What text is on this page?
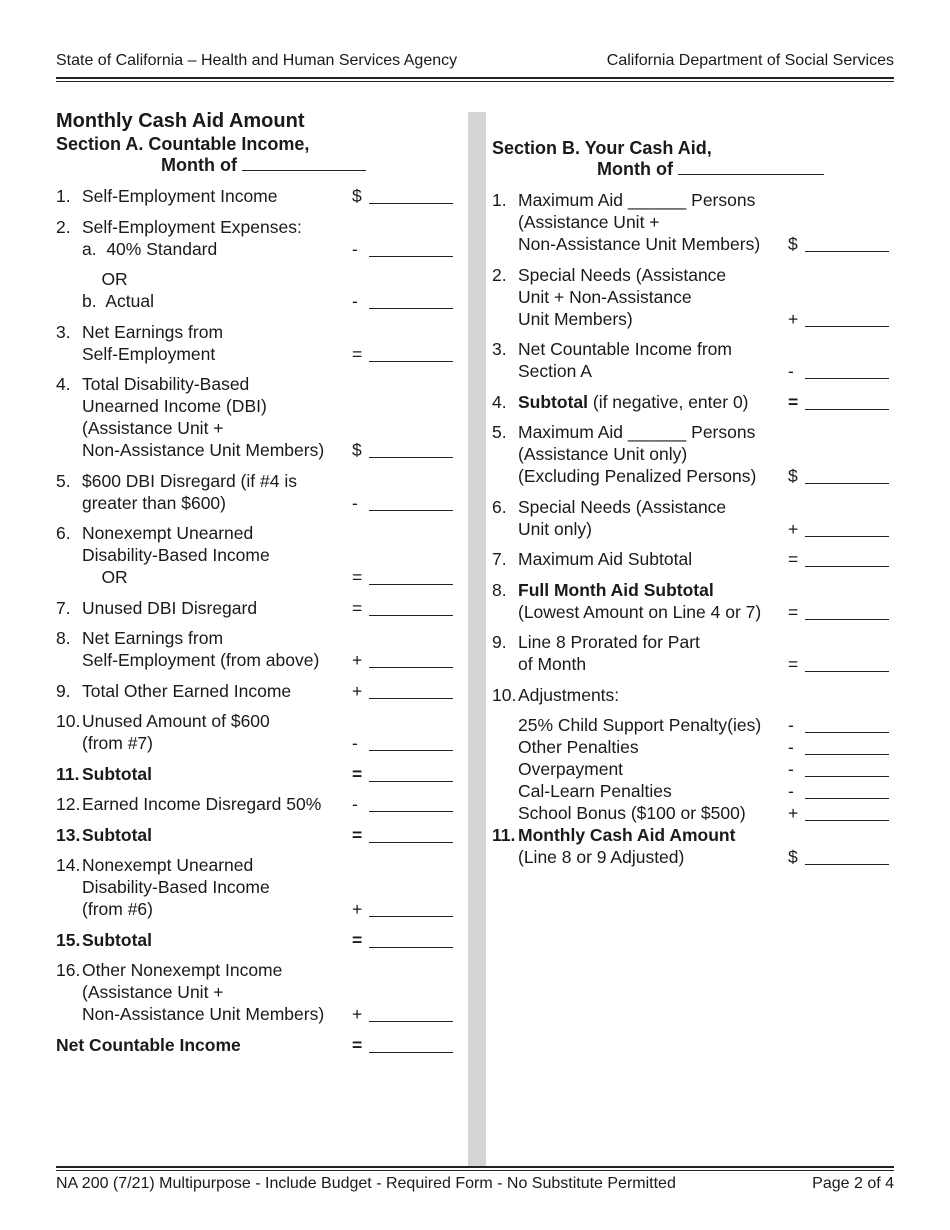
State of California – Health and Human Services Agency	California Department of Social Services
Monthly Cash Aid Amount
Section A. Countable Income,
Month of
1. Self-Employment Income	$
2. Self-Employment Expenses:
a.  40% Standard	-
OR
b.  Actual	-
3. Net Earnings from
Self-Employment	=
4. Total Disability-Based
Unearned Income (DBI)
(Assistance Unit +
Non-Assistance Unit Members)	$
5. $600 DBI Disregard (if #4 is
greater than $600)	-
6. Nonexempt Unearned
Disability-Based Income
OR	=
7. Unused DBI Disregard	=
8. Net Earnings from
Self-Employment (from above)	+
9. Total Other Earned Income	+
10. Unused Amount of $600
(from #7)	-
11. Subtotal	=
12. Earned Income Disregard 50%	-
13. Subtotal	=
14. Nonexempt Unearned
Disability-Based Income
(from #6)	+
15. Subtotal	=
16. Other Nonexempt Income
(Assistance Unit +
Non-Assistance Unit Members)	+
Net Countable Income	=
Section B. Your Cash Aid,
Month of
1. Maximum Aid ______ Persons
(Assistance Unit +
Non-Assistance Unit Members)	$
2. Special Needs (Assistance
Unit + Non-Assistance
Unit Members)	+
3. Net Countable Income from
Section A	-
4. Subtotal (if negative, enter 0)	=
5. Maximum Aid ______ Persons
(Assistance Unit only)
(Excluding Penalized Persons)	$
6. Special Needs (Assistance
Unit only)	+
7. Maximum Aid Subtotal	=
8. Full Month Aid Subtotal
(Lowest Amount on Line 4 or 7)	=
9. Line 8 Prorated for Part
of Month	=
10. Adjustments:
25% Child Support Penalty(ies)	-
Other Penalties	-
Overpayment	-
Cal-Learn Penalties	-
School Bonus ($100 or $500)	+
11. Monthly Cash Aid Amount
(Line 8 or 9 Adjusted)	$
NA 200 (7/21) Multipurpose - Include Budget - Required Form - No Substitute Permitted	Page 2 of 4
